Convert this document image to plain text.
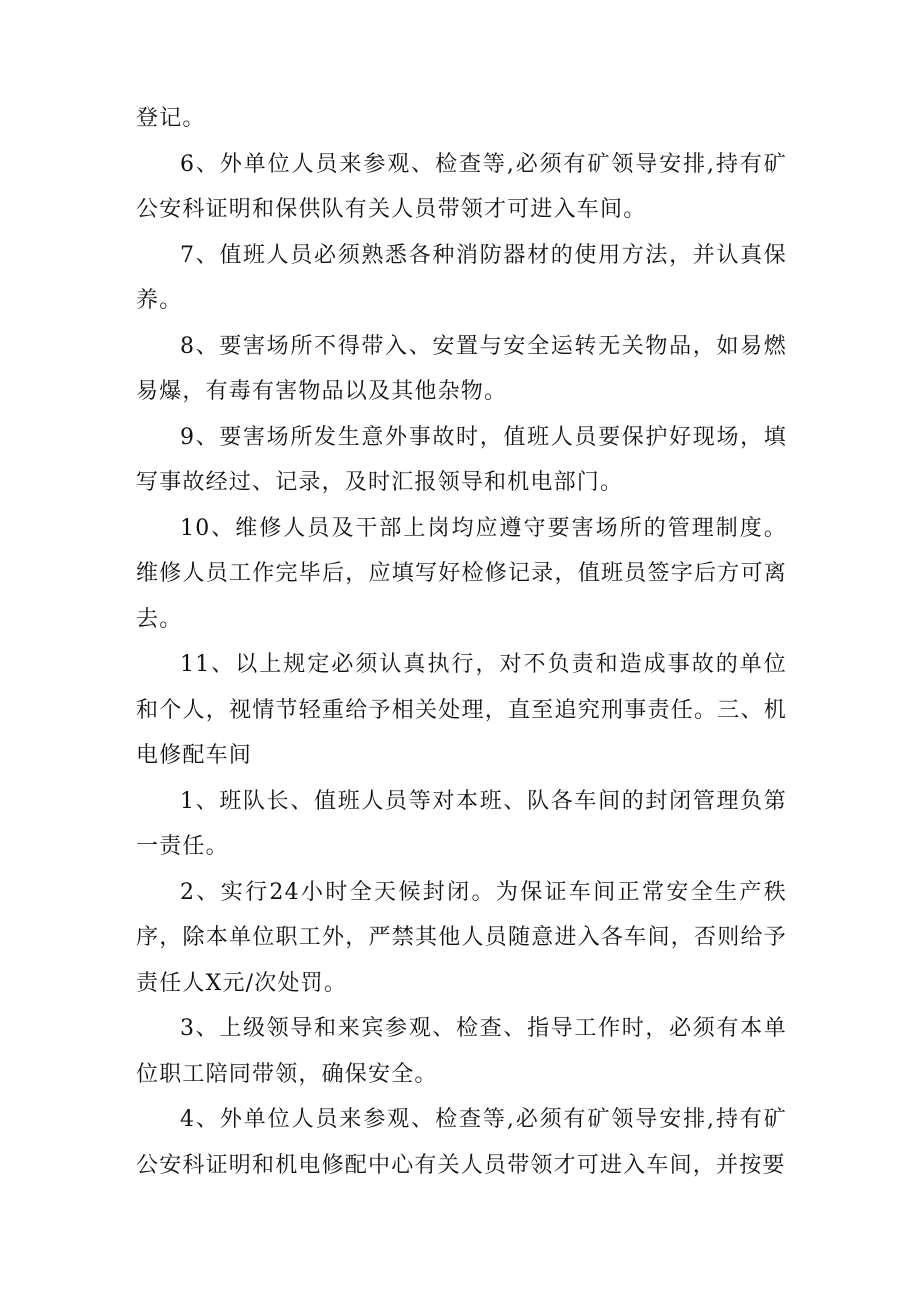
登记。

6、外单位人员来参观、检查等,必须有矿领导安排,持有矿公安科证明和保供队有关人员带领才可进入车间。

7、值班人员必须熟悉各种消防器材的使用方法，并认真保养。

8、要害场所不得带入、安置与安全运转无关物品，如易燃易爆，有毒有害物品以及其他杂物。

9、要害场所发生意外事故时，值班人员要保护好现场，填写事故经过、记录，及时汇报领导和机电部门。

10、维修人员及干部上岗均应遵守要害场所的管理制度。维修人员工作完毕后，应填写好检修记录，值班员签字后方可离去。

11、以上规定必须认真执行，对不负责和造成事故的单位和个人，视情节轻重给予相关处理，直至追究刑事责任。三、机电修配车间

1、班队长、值班人员等对本班、队各车间的封闭管理负第一责任。

2、实行24小时全天候封闭。为保证车间正常安全生产秩序，除本单位职工外，严禁其他人员随意进入各车间，否则给予责任人X元/次处罚。

3、上级领导和来宾参观、检查、指导工作时，必须有本单位职工陪同带领，确保安全。

4、外单位人员来参观、检查等,必须有矿领导安排,持有矿公安科证明和机电修配中心有关人员带领才可进入车间，并按要
